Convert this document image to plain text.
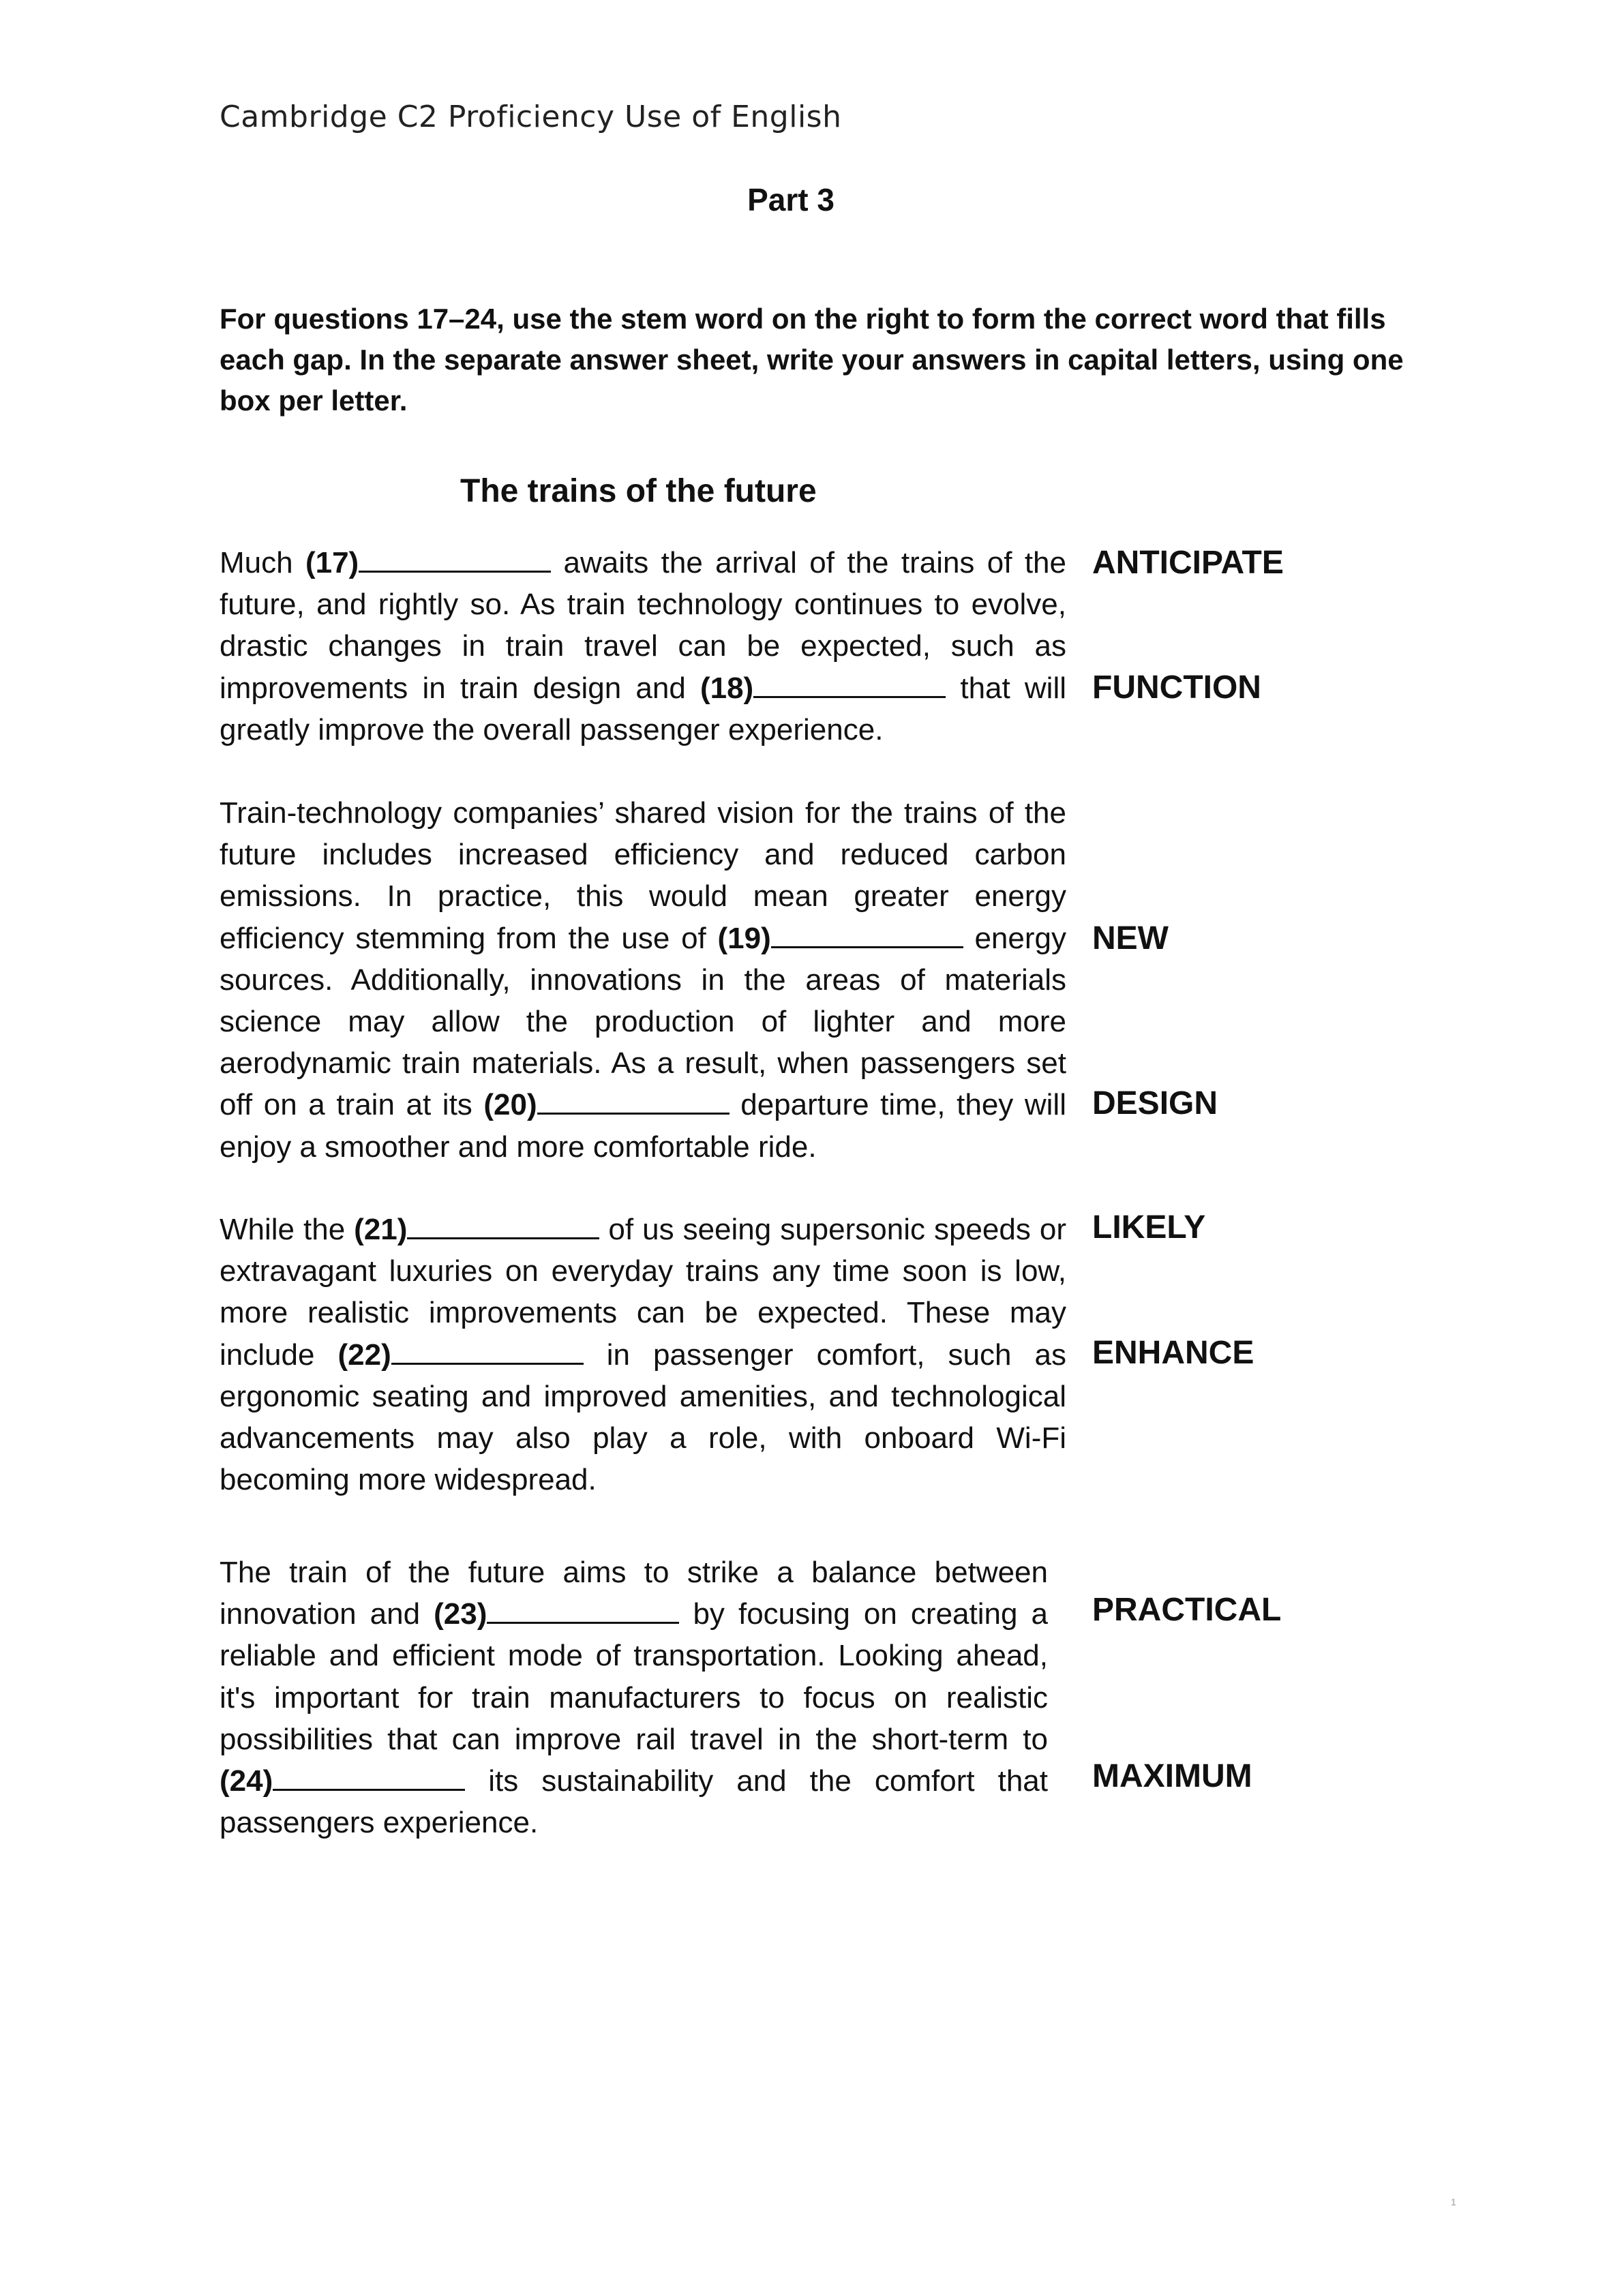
Cambridge C2 Proficiency Use of English
Part 3
For questions 17–24, use the stem word on the right to form the correct word that fills each gap. In the separate answer sheet, write your answers in capital letters, using one box per letter.
The trains of the future
Much (17)	awaits the arrival of the trains of the future, and rightly so. As train technology continues to evolve, drastic changes in train travel can be expected, such as improvements in train design and (18)	that will greatly improve the overall passenger experience.
Train-technology companies’ shared vision for the trains of the future includes increased efficiency and reduced carbon emissions. In practice, this would mean greater energy efficiency stemming from the use of (19)	energy sources. Additionally, innovations in the areas of materials science may allow the production of lighter and more aerodynamic train materials. As a result, when passengers set off on a train at its (20)	departure time, they will enjoy a smoother and more comfortable ride.
While the (21)	of us seeing supersonic speeds or extravagant luxuries on everyday trains any time soon is low, more realistic improvements can be expected. These may include (22)	in passenger comfort, such as ergonomic seating and improved amenities, and technological advancements may also play a role, with onboard Wi-Fi becoming more widespread.
The train of the future aims to strike a balance between innovation and (23)	by focusing on creating a reliable and efficient mode of transportation. Looking ahead, it's important for train manufacturers to focus on realistic possibilities that can improve rail travel in the short-term to (24)	its sustainability and the comfort that passengers experience.
ANTICIPATE
FUNCTION
NEW
DESIGN
LIKELY
ENHANCE
PRACTICAL
MAXIMUM
1
